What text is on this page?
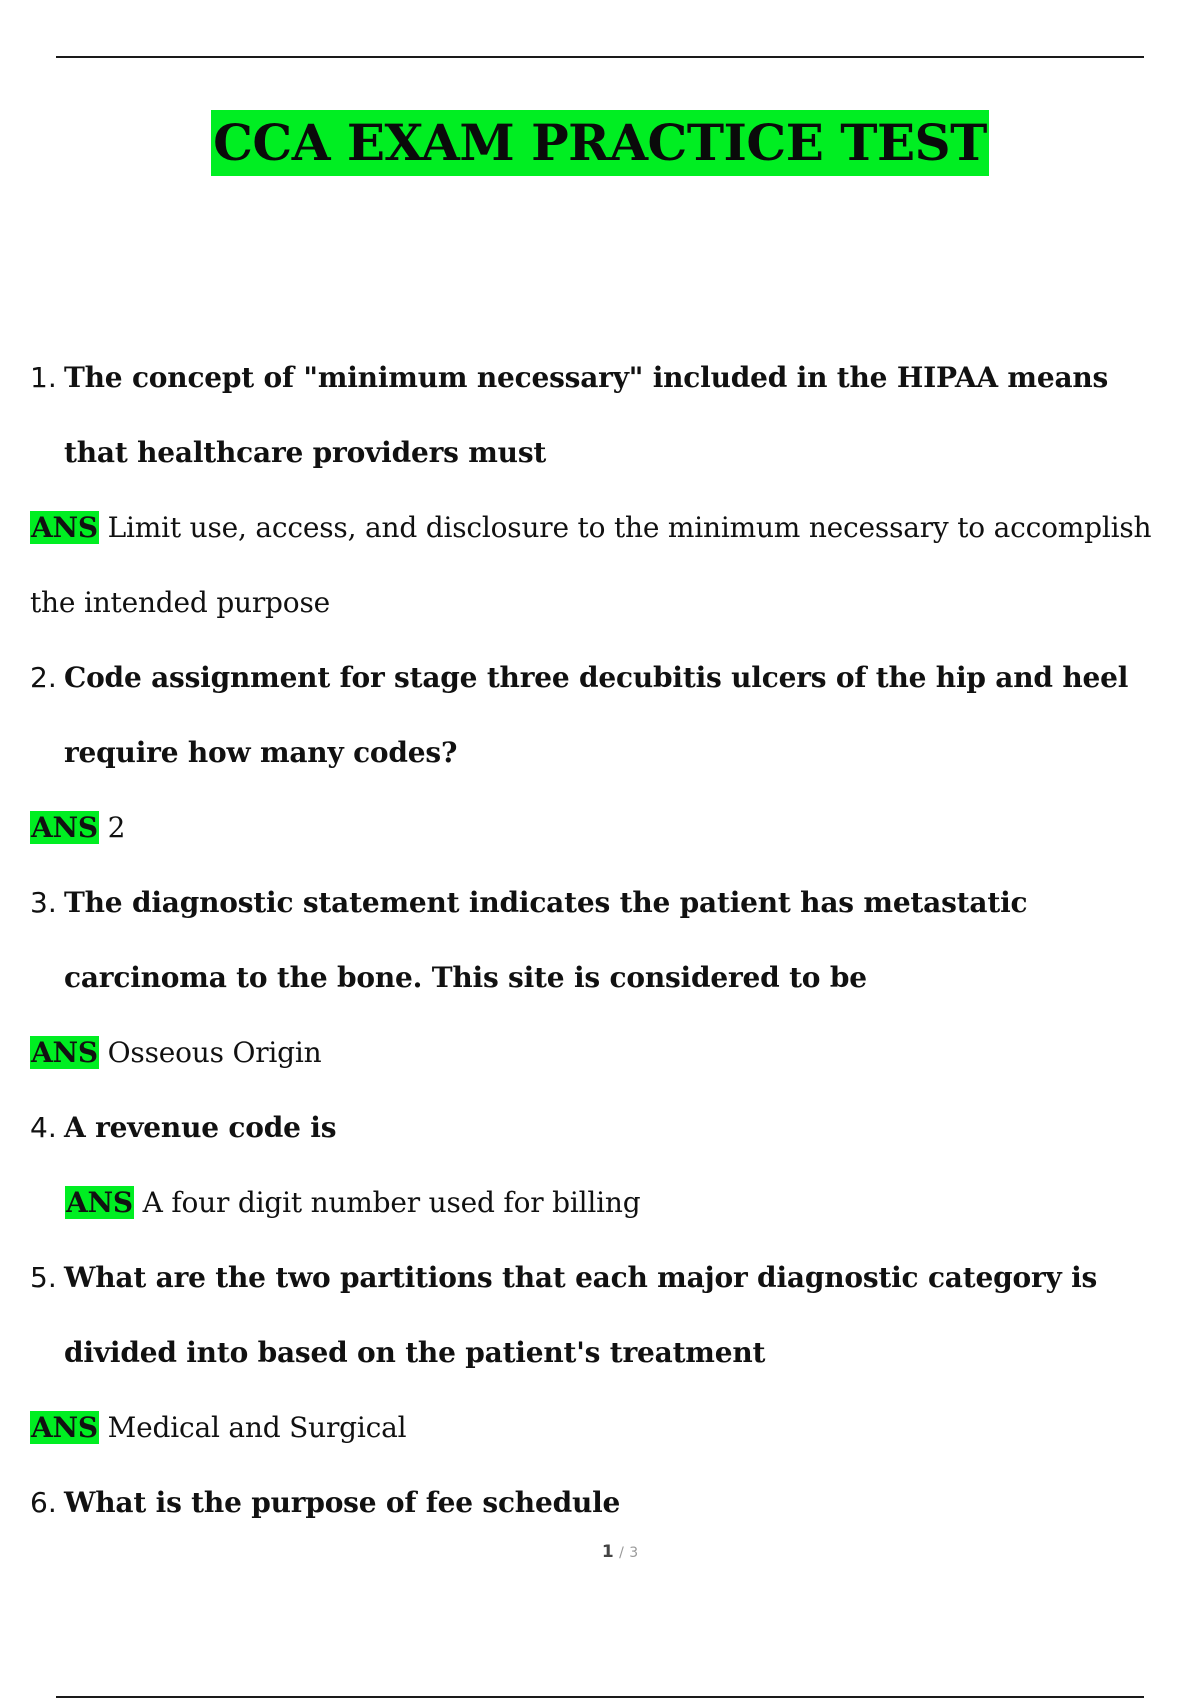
CCA EXAM PRACTICE TEST
1. The concept of "minimum necessary" included in the HIPAA means that healthcare providers must
ANS Limit use, access, and disclosure to the minimum necessary to accomplish the intended purpose
2. Code assignment for stage three decubitis ulcers of the hip and heel require how many codes?
ANS 2
3. The diagnostic statement indicates the patient has metastatic carcinoma to the bone. This site is considered to be
ANS Osseous Origin
4. A revenue code is
ANS A four digit number used for billing
5. What are the two partitions that each major diagnostic category is divided into based on the patient's treatment
ANS Medical and Surgical
6. What is the purpose of fee schedule
1 / 3
